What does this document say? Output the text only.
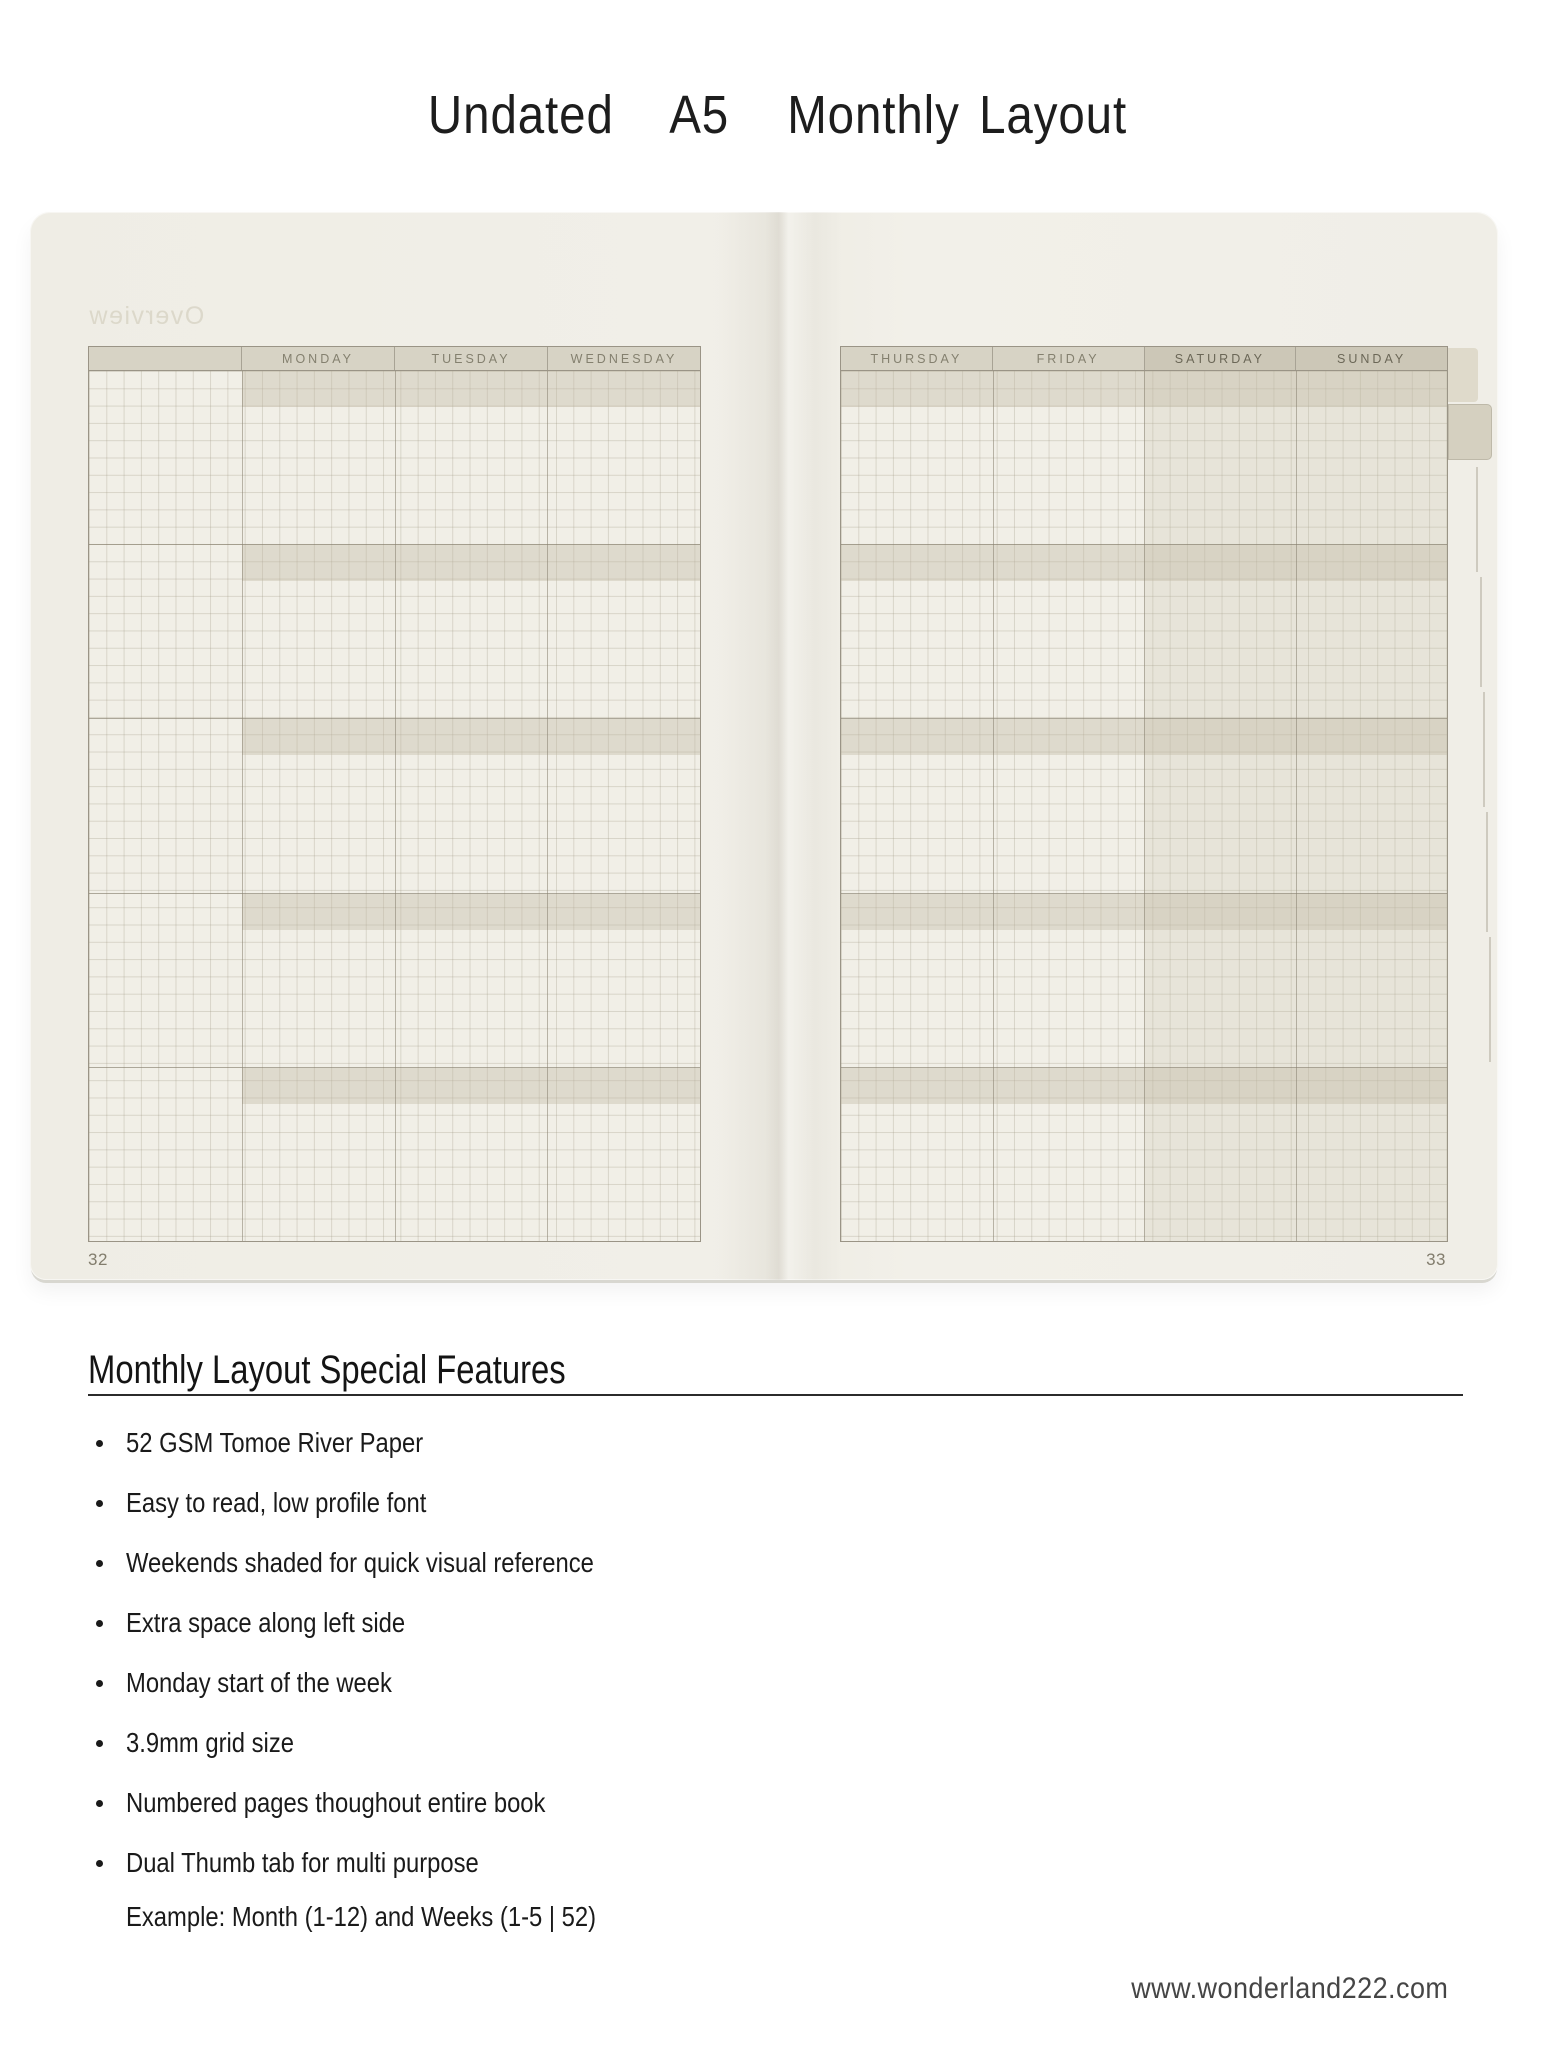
Undated   A5   Monthly Layout
Overview
MONDAY	TUESDAY	WEDNESDAY	THURSDAY	FRIDAY	SATURDAY	SUNDAY
32	33
Monthly Layout Special Features
52 GSM Tomoe River Paper
Easy to read, low profile font
Weekends shaded for quick visual reference
Extra space along left side
Monday start of the week
3.9mm grid size
Numbered pages thoughout entire book
Dual Thumb tab for multi purpose
Example: Month (1-12) and Weeks (1-5 | 52)
www.wonderland222.com
